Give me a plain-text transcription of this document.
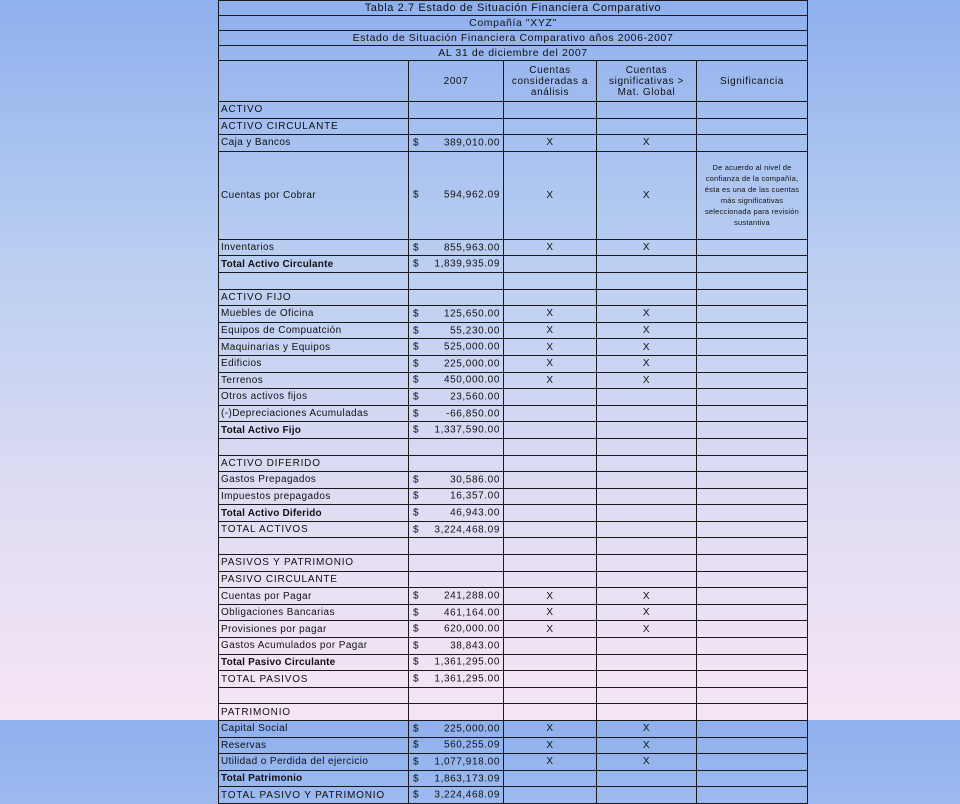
Tabla 2.7 Estado de Situación Financiera Comparativo				
Compañía "XYZ"				
Estado de Situación Financiera Comparativo años 2006-2007				
AL 31 de diciembre del 2007				
	2007	Cuentas consideradas a análisis	Cuentas significativas > Mat. Global	Significancia
ACTIVO				
ACTIVO CIRCULANTE				
Caja y Bancos	$ 389,010.00	X	X	
Cuentas por Cobrar	$ 594,962.09	X	X	De acuerdo al nivel de confianza de la compañía, ésta es una de las cuentas más significativas seleccionada para revisión sustantiva
Inventarios	$ 855,963.00	X	X	
Total Activo Circulante	$ 1,839,935.09			

ACTIVO FIJO				
Muebles de Oficina	$ 125,650.00	X	X	
Equipos de Compuatción	$ 55,230.00	X	X	
Maquinarias y Equipos	$ 525,000.00	X	X	
Edificios	$ 225,000.00	X	X	
Terrenos	$ 450,000.00	X	X	
Otros activos fijos	$ 23,560.00			

(-)Depreciaciones Acumuladas	$ -66,850.00			

Total Activo Fijo	$ 1,337,590.00			

ACTIVO DIFERIDO				
Gastos Prepagados	$ 30,586.00			

Impuestos prepagados	$ 16,357.00			

Total Activo Diferido	$ 46,943.00			

TOTAL ACTIVOS	$ 3,224,468.09			

PASIVOS Y PATRIMONIO				
PASIVO CIRCULANTE				
Cuentas por Pagar	$ 241,288.00	X	X	
Obligaciones Bancarias	$ 461,164.00	X	X	
Provisiones por pagar	$ 620,000.00	X	X	
Gastos Acumulados por Pagar	$ 38,843.00			

Total Pasivo Circulante	$ 1,361,295.00			

TOTAL PASIVOS	$ 1,361,295.00			

PATRIMONIO				
Capital Social	$ 225,000.00	X	X	
Reservas	$ 560,255.09	X	X	
Utilidad o Perdida del ejercicio	$ 1,077,918.00	X	X	
Total Patrimonio	$ 1,863,173.09			

TOTAL PASIVO Y PATRIMONIO	$ 3,224,468.09			
